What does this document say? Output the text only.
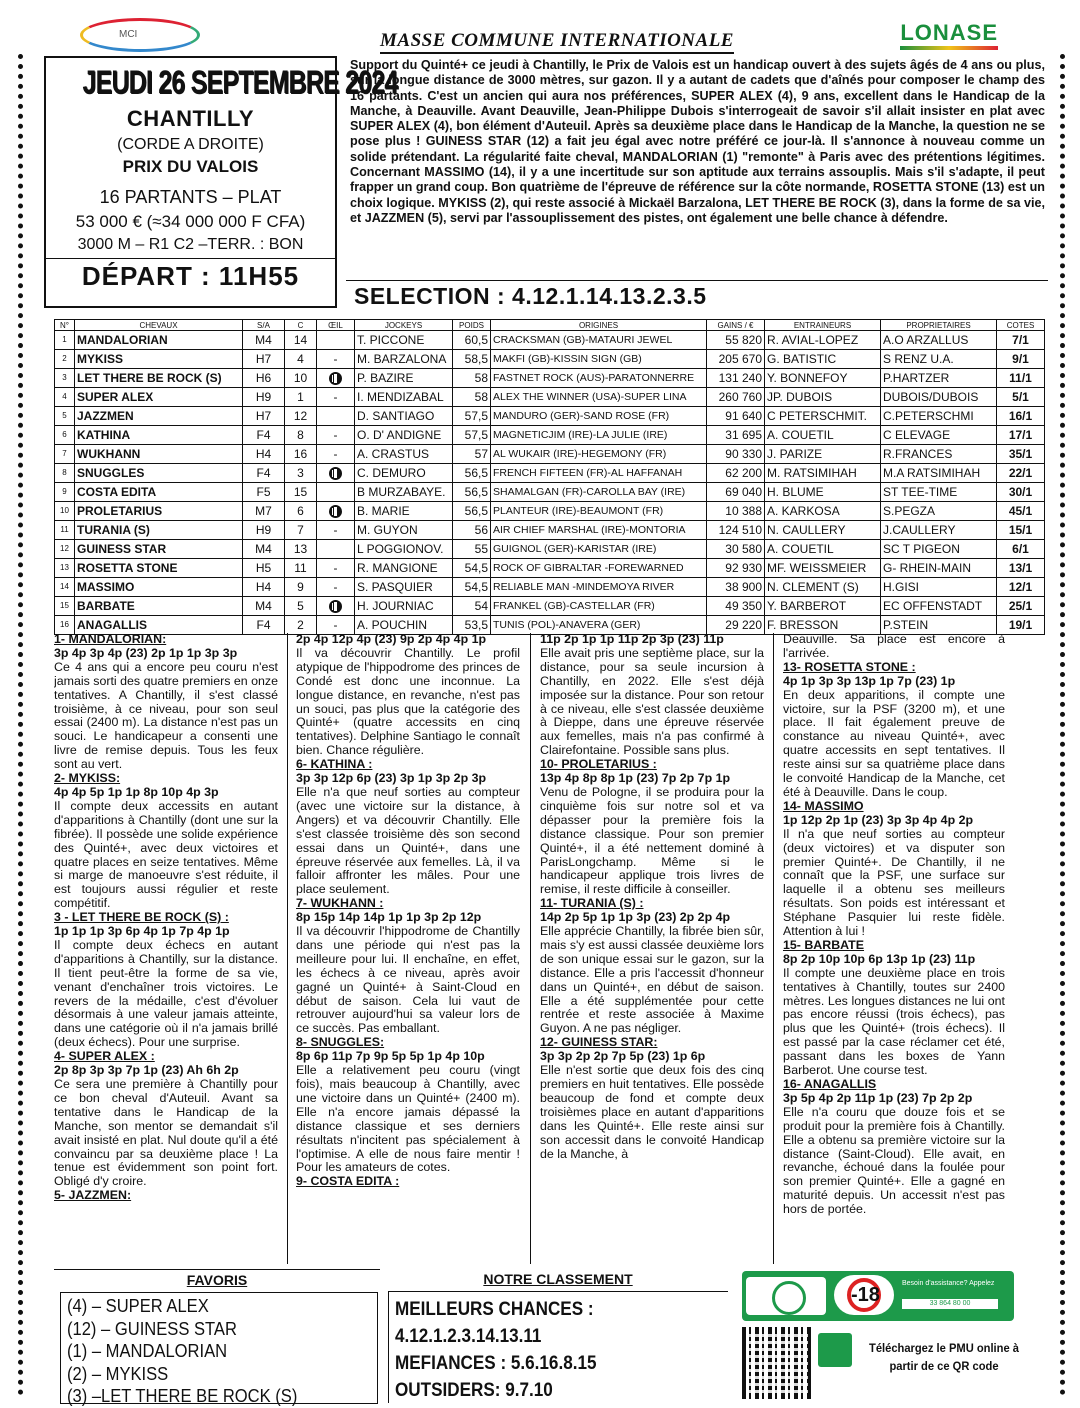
MCI	MASSE COMMUNE INTERNATIONALE	LONASE
JEUDI 26 SEPTEMBRE 2024
CHANTILLY
(CORDE A DROITE)
PRIX DU VALOIS
16 PARTANTS – PLAT
53 000 € (≈34 000 000 F CFA)
3000 M – R1 C2 –TERR. : BON
DÉPART : 11H55
Support du Quinté+ ce jeudi à Chantilly, le Prix de Valois est un handicap ouvert à des sujets âgés de 4 ans ou plus, sur la longue distance de 3000 mètres, sur gazon. Il y a autant de cadets que d'aînés pour composer le champ des 16 partants. C'est un ancien qui aura nos préférences, SUPER ALEX (4), 9 ans, excellent dans le Handicap de la Manche, à Deauville. Avant Deauville, Jean-Philippe Dubois s'interrogeait de savoir s'il allait insister en plat avec SUPER ALEX (4), bon élément d'Auteuil. Après sa deuxième place dans le Handicap de la Manche, la question ne se pose plus ! GUINESS STAR (12) a fait jeu égal avec notre préféré ce jour-là. Il s'annonce à nouveau comme un solide prétendant. La régularité faite cheval, MANDALORIAN (1) "remonte" à Paris avec des prétentions légitimes. Concernant MASSIMO (14), il y a une incertitude sur son aptitude aux terrains assouplis. Mais s'il s'adapte, il peut frapper un grand coup. Bon quatrième de l'épreuve de référence sur la côte normande, ROSETTA STONE (13) est un choix logique. MYKISS (2), qui reste associé à Mickaël Barzalona, LET THERE BE ROCK (3), dans la forme de sa vie, et JAZZMEN (5), servi par l'assouplissement des pistes, ont également une belle chance à défendre.
SELECTION : 4.12.1.14.13.2.3.5
N°	CHEVAUX	S/A	C	ŒIL	JOCKEYS	POIDS	ORIGINES	GAINS / €	ENTRAINEURS	PROPRIETAIRES	COTES
1	MANDALORIAN	M4	14		T. PICCONE	60,5	CRACKSMAN (GB)-MATAURI JEWEL	55 820	R. AVIAL-LOPEZ	A.O ARZALLUS	7/1
2	MYKISS	H7	4	-	M. BARZALONA	58,5	MAKFI (GB)-KISSIN SIGN (GB)	205 670	G. BATISTIC	S RENZ U.A.	9/1
3	LET THERE BE ROCK (S)	H6	10		P. BAZIRE	58	FASTNET ROCK (AUS)-PARATONNERRE	131 240	Y. BONNEFOY	P.HARTZER	11/1
4	SUPER ALEX	H9	1	-	I. MENDIZABAL	58	ALEX THE WINNER (USA)-SUPER LINA	260 760	JP. DUBOIS	DUBOIS/DUBOIS	5/1
5	JAZZMEN	H7	12		D. SANTIAGO	57,5	MANDURO (GER)-SAND ROSE (FR)	91 640	C PETERSCHMIT.	C.PETERSCHMI	16/1
6	KATHINA	F4	8	-	O. D' ANDIGNE	57,5	MAGNETICJIM (IRE)-LA JULIE (IRE)	31 695	A. COUETIL	C ELEVAGE	17/1
7	WUKHANN	H4	16	-	A. CRASTUS	57	AL WUKAIR (IRE)-HEGEMONY (FR)	90 330	J. PARIZE	R.FRANCES	35/1
8	SNUGGLES	F4	3		C. DEMURO	56,5	FRENCH FIFTEEN (FR)-AL HAFFANAH	62 200	M. RATSIMIHAH	M.A RATSIMIHAH	22/1
9	COSTA EDITA	F5	15		B MURZABAYE.	56,5	SHAMALGAN (FR)-CAROLLA BAY (IRE)	69 040	H. BLUME	ST TEE-TIME	30/1
10	PROLETARIUS	M7	6		B. MARIE	56,5	PLANTEUR (IRE)-BEAUMONT (FR)	10 388	A. KARKOSA	S.PEGZA	45/1
11	TURANIA (S)	H9	7	-	M. GUYON	56	AIR CHIEF MARSHAL (IRE)-MONTORIA	124 510	N. CAULLERY	J.CAULLERY	15/1
12	GUINESS STAR	M4	13		L POGGIONOV.	55	GUIGNOL (GER)-KARISTAR (IRE)	30 580	A. COUETIL	SC T PIGEON	6/1
13	ROSETTA STONE	H5	11	-	R. MANGIONE	54,5	ROCK OF GIBRALTAR -FOREWARNED	92 930	MF. WEISSMEIER	G- RHEIN-MAIN	13/1
14	MASSIMO	H4	9	-	S. PASQUIER	54,5	RELIABLE MAN -MINDEMOYA RIVER	38 900	N. CLEMENT (S)	H.GISI	12/1
15	BARBATE	M4	5		H. JOURNIAC	54	FRANKEL (GB)-CASTELLAR (FR)	49 350	Y. BARBEROT	EC OFFENSTADT	25/1
16	ANAGALLIS	F4	2	-	A. POUCHIN	53,5	TUNIS (POL)-ANAVERA (GER)	29 220	F. BRESSON	P.STEIN	19/1

1- MANDALORIAN:

3p 4p 3p 4p (23) 2p 1p 1p 3p 3p

Ce 4 ans qui a encore peu couru n'est jamais sorti des quatre premiers en onze tentatives. A Chantilly, il s'est classé troisième, à ce niveau, pour son seul essai (2400 m). La distance n'est pas un souci. Le handicapeur a consenti une livre de remise depuis. Tous les feux sont au vert.

2- MYKISS:

4p 4p 5p 1p 1p 8p 10p 4p 3p

Il compte deux accessits en autant d'apparitions à Chantilly (dont une sur la fibrée). Il possède une solide expérience des Quinté+, avec deux victoires et quatre places en seize tentatives. Même si marge de manoeuvre s'est réduite, il est toujours aussi régulier et reste compétitif.

3 - LET THERE BE ROCK (S) :

1p 1p 1p 3p 6p 4p 1p 7p 4p 1p

Il compte deux échecs en autant d'apparitions à Chantilly, sur la distance. Il tient peut-être la forme de sa vie, venant d'enchaîner trois victoires. Le revers de la médaille, c'est d'évoluer désormais à une valeur jamais atteinte, dans une catégorie où il n'a jamais brillé (deux échecs). Pour une surprise.

4- SUPER ALEX :

2p 8p 3p 3p 7p 1p (23) Ah 6h 2p

Ce sera une première à Chantilly pour ce bon cheval d'Auteuil. Avant sa tentative dans le Handicap de la Manche, son mentor se demandait s'il avait insisté en plat. Nul doute qu'il a été convaincu par sa deuxième place ! La tenue est évidemment son point fort. Obligé d'y croire.

5- JAZZMEN:

2p 4p 12p 4p (23) 9p 2p 4p 4p 1p

Il va découvrir Chantilly. Le profil atypique de l'hippodrome des princes de Condé est donc une inconnue. La longue distance, en revanche, n'est pas un souci, pas plus que la catégorie des Quinté+ (quatre accessits en cinq tentatives). Delphine Santiago le connaît bien. Chance régulière.

6- KATHINA :

3p 3p 12p 6p (23) 3p 1p 3p 2p 3p

Elle n'a que neuf sorties au compteur (avec une victoire sur la distance, à Angers) et va découvrir Chantilly. Elle s'est classée troisième dès son second essai dans un Quinté+, dans une épreuve réservée aux femelles. Là, il va falloir affronter les mâles. Pour une place seulement.

7- WUKHANN :

8p 15p 14p 14p 1p 1p 3p 2p 12p

Il va découvrir l'hippodrome de Chantilly dans une période qui n'est pas la meilleure pour lui. Il enchaîne, en effet, les échecs à ce niveau, après avoir gagné un Quinté+ à Saint-Cloud en début de saison. Cela lui vaut de retrouver aujourd'hui sa valeur lors de ce succès. Pas emballant.

8- SNUGGLES:

8p 6p 11p 7p 9p 5p 5p 1p 4p 10p

Elle a relativement peu couru (vingt fois), mais beaucoup à Chantilly, avec une victoire dans un Quinté+ (2400 m). Elle n'a encore jamais dépassé la distance classique et ses derniers résultats n'incitent pas spécialement à l'optimise. A elle de nous faire mentir ! Pour les amateurs de cotes.

9- COSTA EDITA :

11p 2p 1p 1p 11p 2p 3p (23) 11p

Elle avait pris une septième place, sur la distance, pour sa seule incursion à Chantilly, en 2022. Elle s'est déjà imposée sur la distance. Pour son retour à ce niveau, elle s'est classée deuxième à Dieppe, dans une épreuve réservée aux femelles, mais n'a pas confirmé à Clairefontaine. Possible sans plus.

10- PROLETARIUS :

13p 4p 8p 8p 1p (23) 7p 2p 7p 1p

Venu de Pologne, il se produira pour la cinquième fois sur notre sol et va dépasser pour la première fois la distance classique. Pour son premier Quinté+, il a été nettement dominé à ParisLongchamp. Même si le handicapeur applique trois livres de remise, il reste difficile à conseiller.

11- TURANIA (S) :

14p 2p 5p 1p 1p 3p (23) 2p 2p 4p

Elle apprécie Chantilly, la fibrée bien sûr, mais s'y est aussi classée deuxième lors de son unique essai sur le gazon, sur la distance. Elle a pris l'accessit d'honneur dans un Quinté+, en début de saison. Elle a été supplémentée pour cette rentrée et reste associée à Maxime Guyon. A ne pas négliger.

12- GUINESS STAR:

3p 3p 2p 2p 7p 5p (23) 1p 6p

Elle n'est sortie que deux fois des cinq premiers en huit tentatives. Elle possède beaucoup de fond et compte deux troisièmes place en autant d'apparitions dans les Quinté+. Elle reste ainsi sur son accessit dans le convoité Handicap de la Manche, à

Deauville. Sa place est encore à l'arrivée.

13- ROSETTA STONE :

4p 1p 3p 3p 13p 1p 7p (23) 1p

En deux apparitions, il compte une victoire, sur la PSF (3200 m), et une place. Il fait également preuve de constance au niveau Quinté+, avec quatre accessits en sept tentatives. Il reste ainsi sur sa quatrième place dans le convoité Handicap de la Manche, cet été à Deauville. Dans le coup.

14- MASSIMO

1p 12p 2p 1p (23) 3p 3p 4p 4p 2p

Il n'a que neuf sorties au compteur (deux victoires) et va disputer son premier Quinté+. De Chantilly, il ne connaît que la PSF, une surface sur laquelle il a obtenu ses meilleurs résultats. Son poids est intéressant et Stéphane Pasquier lui reste fidèle. Attention à lui !

15- BARBATE

8p 2p 10p 10p 6p 13p 1p (23) 11p

Il compte une deuxième place en trois tentatives à Chantilly, toutes sur 2400 mètres. Les longues distances ne lui ont pas encore réussi (trois échecs), pas plus que les Quinté+ (trois échecs). Il est passé par la case réclamer cet été, passant dans les boxes de Yann Barberot. Une course test.

16- ANAGALLIS

3p 5p 4p 2p 11p 1p (23) 7p 2p 2p

Elle n'a couru que douze fois et se produit pour la première fois à Chantilly. Elle a obtenu sa première victoire sur la distance (Saint-Cloud). Elle avait, en revanche, échoué dans la foulée pour son premier Quinté+. Elle a gagné en maturité depuis. Un accessit n'est pas hors de portée.

FAVORIS
(4) – SUPER ALEX
(12) – GUINESS STAR
(1) – MANDALORIAN
(2) – MYKISS
(3) –LET THERE BE ROCK (S)
NOTRE CLASSEMENT
MEILLEURS CHANCES :
4.12.1.2.3.14.13.11
MEFIANCES : 5.6.16.8.15
OUTSIDERS: 9.7.10
-18
Besoin d'assistance? Appelez
33 864 80 00
Téléchargez le PMU online à partir de ce QR code
